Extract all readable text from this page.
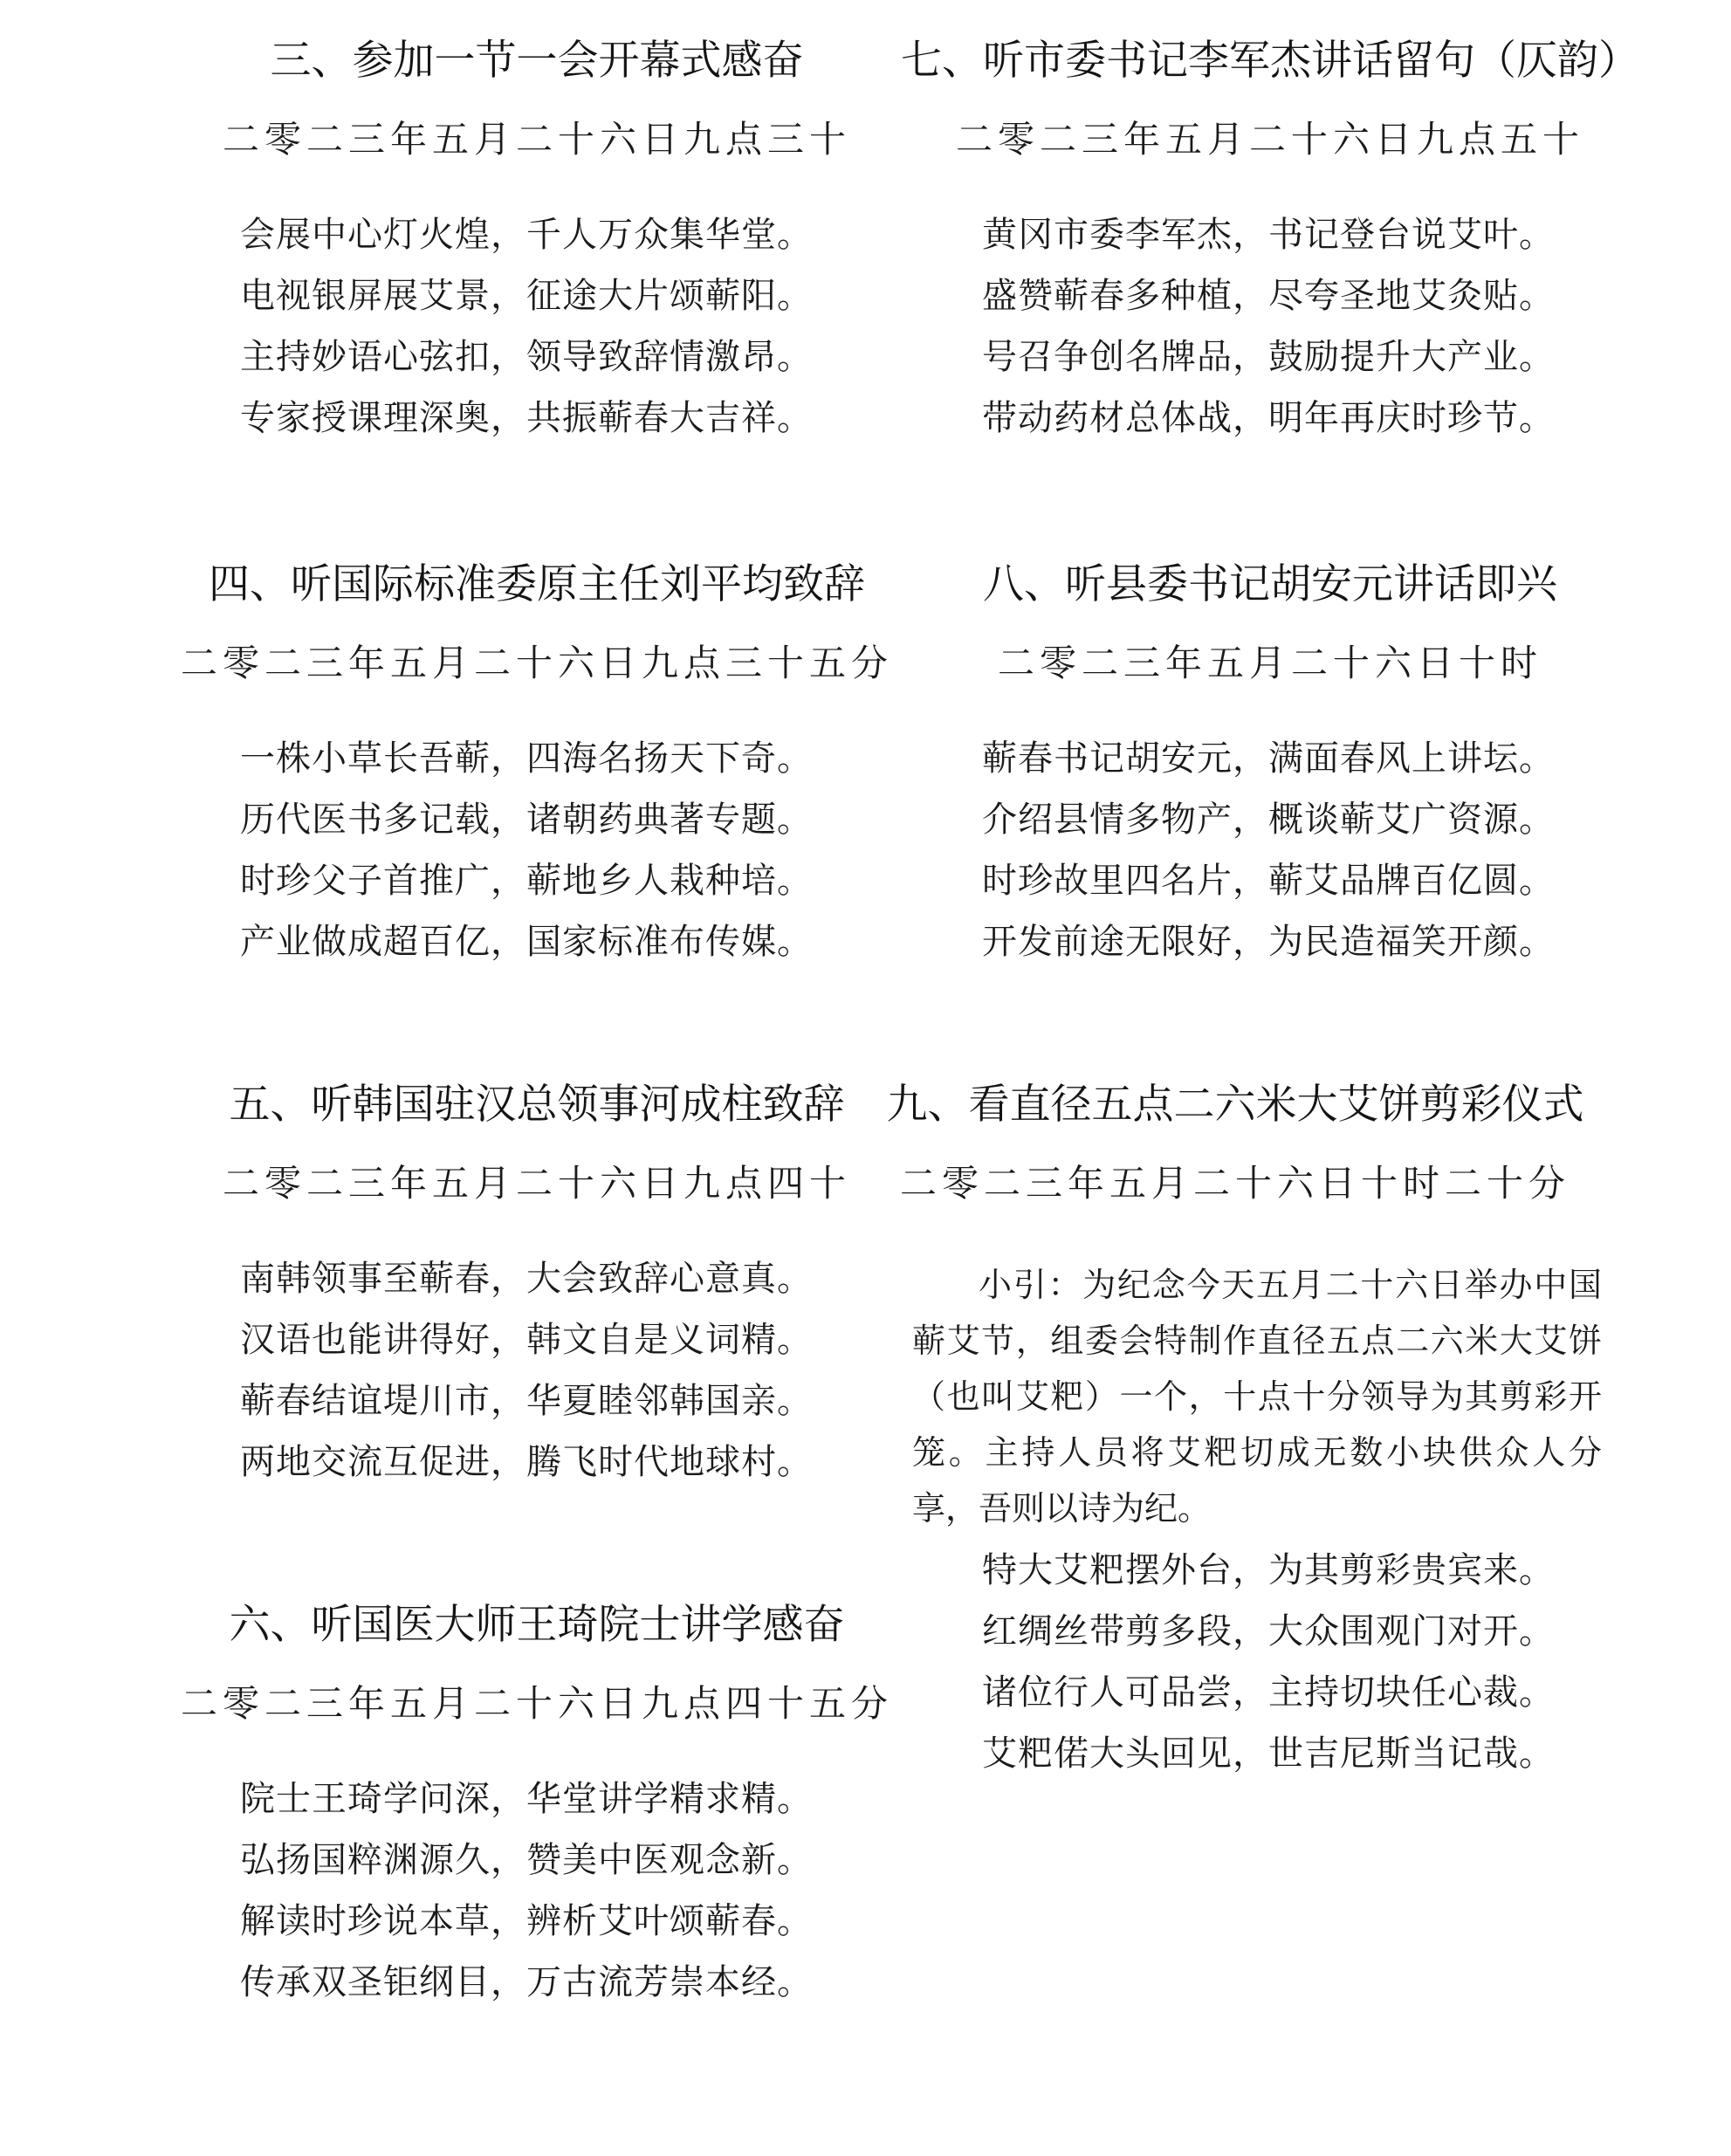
三、参加一节一会开幕式感奋
二零二三年五月二十六日九点三十
会展中心灯火煌，千人万众集华堂。
电视银屏展艾景，征途大片颂蕲阳。
主持妙语心弦扣，领导致辞情激昂。
专家授课理深奥，共振蕲春大吉祥。
四、听国际标准委原主任刘平均致辞
二零二三年五月二十六日九点三十五分
一株小草长吾蕲，四海名扬天下奇。
历代医书多记载，诸朝药典著专题。
时珍父子首推广，蕲地乡人栽种培。
产业做成超百亿，国家标准布传媒。
五、听韩国驻汉总领事河成柱致辞
二零二三年五月二十六日九点四十
南韩领事至蕲春，大会致辞心意真。
汉语也能讲得好，韩文自是义词精。
蕲春结谊堤川市，华夏睦邻韩国亲。
两地交流互促进，腾飞时代地球村。
六、听国医大师王琦院士讲学感奋
二零二三年五月二十六日九点四十五分
院士王琦学问深，华堂讲学精求精。
弘扬国粹渊源久，赞美中医观念新。
解读时珍说本草，辨析艾叶颂蕲春。
传承双圣钜纲目，万古流芳崇本经。
七、听市委书记李军杰讲话留句（仄韵）
二零二三年五月二十六日九点五十
黄冈市委李军杰，书记登台说艾叶。
盛赞蕲春多种植，尽夸圣地艾灸贴。
号召争创名牌品，鼓励提升大产业。
带动药材总体战，明年再庆时珍节。
八、听县委书记胡安元讲话即兴
二零二三年五月二十六日十时
蕲春书记胡安元，满面春风上讲坛。
介绍县情多物产，概谈蕲艾广资源。
时珍故里四名片，蕲艾品牌百亿圆。
开发前途无限好，为民造福笑开颜。
九、看直径五点二六米大艾饼剪彩仪式
二零二三年五月二十六日十时二十分
小引：为纪念今天五月二十六日举办中国蕲艾节，组委会特制作直径五点二六米大艾饼（也叫艾粑）一个，十点十分领导为其剪彩开笼。主持人员将艾粑切成无数小块供众人分享，吾则以诗为纪。
特大艾粑摆外台，为其剪彩贵宾来。
红绸丝带剪多段，大众围观门对开。
诸位行人可品尝，主持切块任心裁。
艾粑偌大头回见，世吉尼斯当记哉。
